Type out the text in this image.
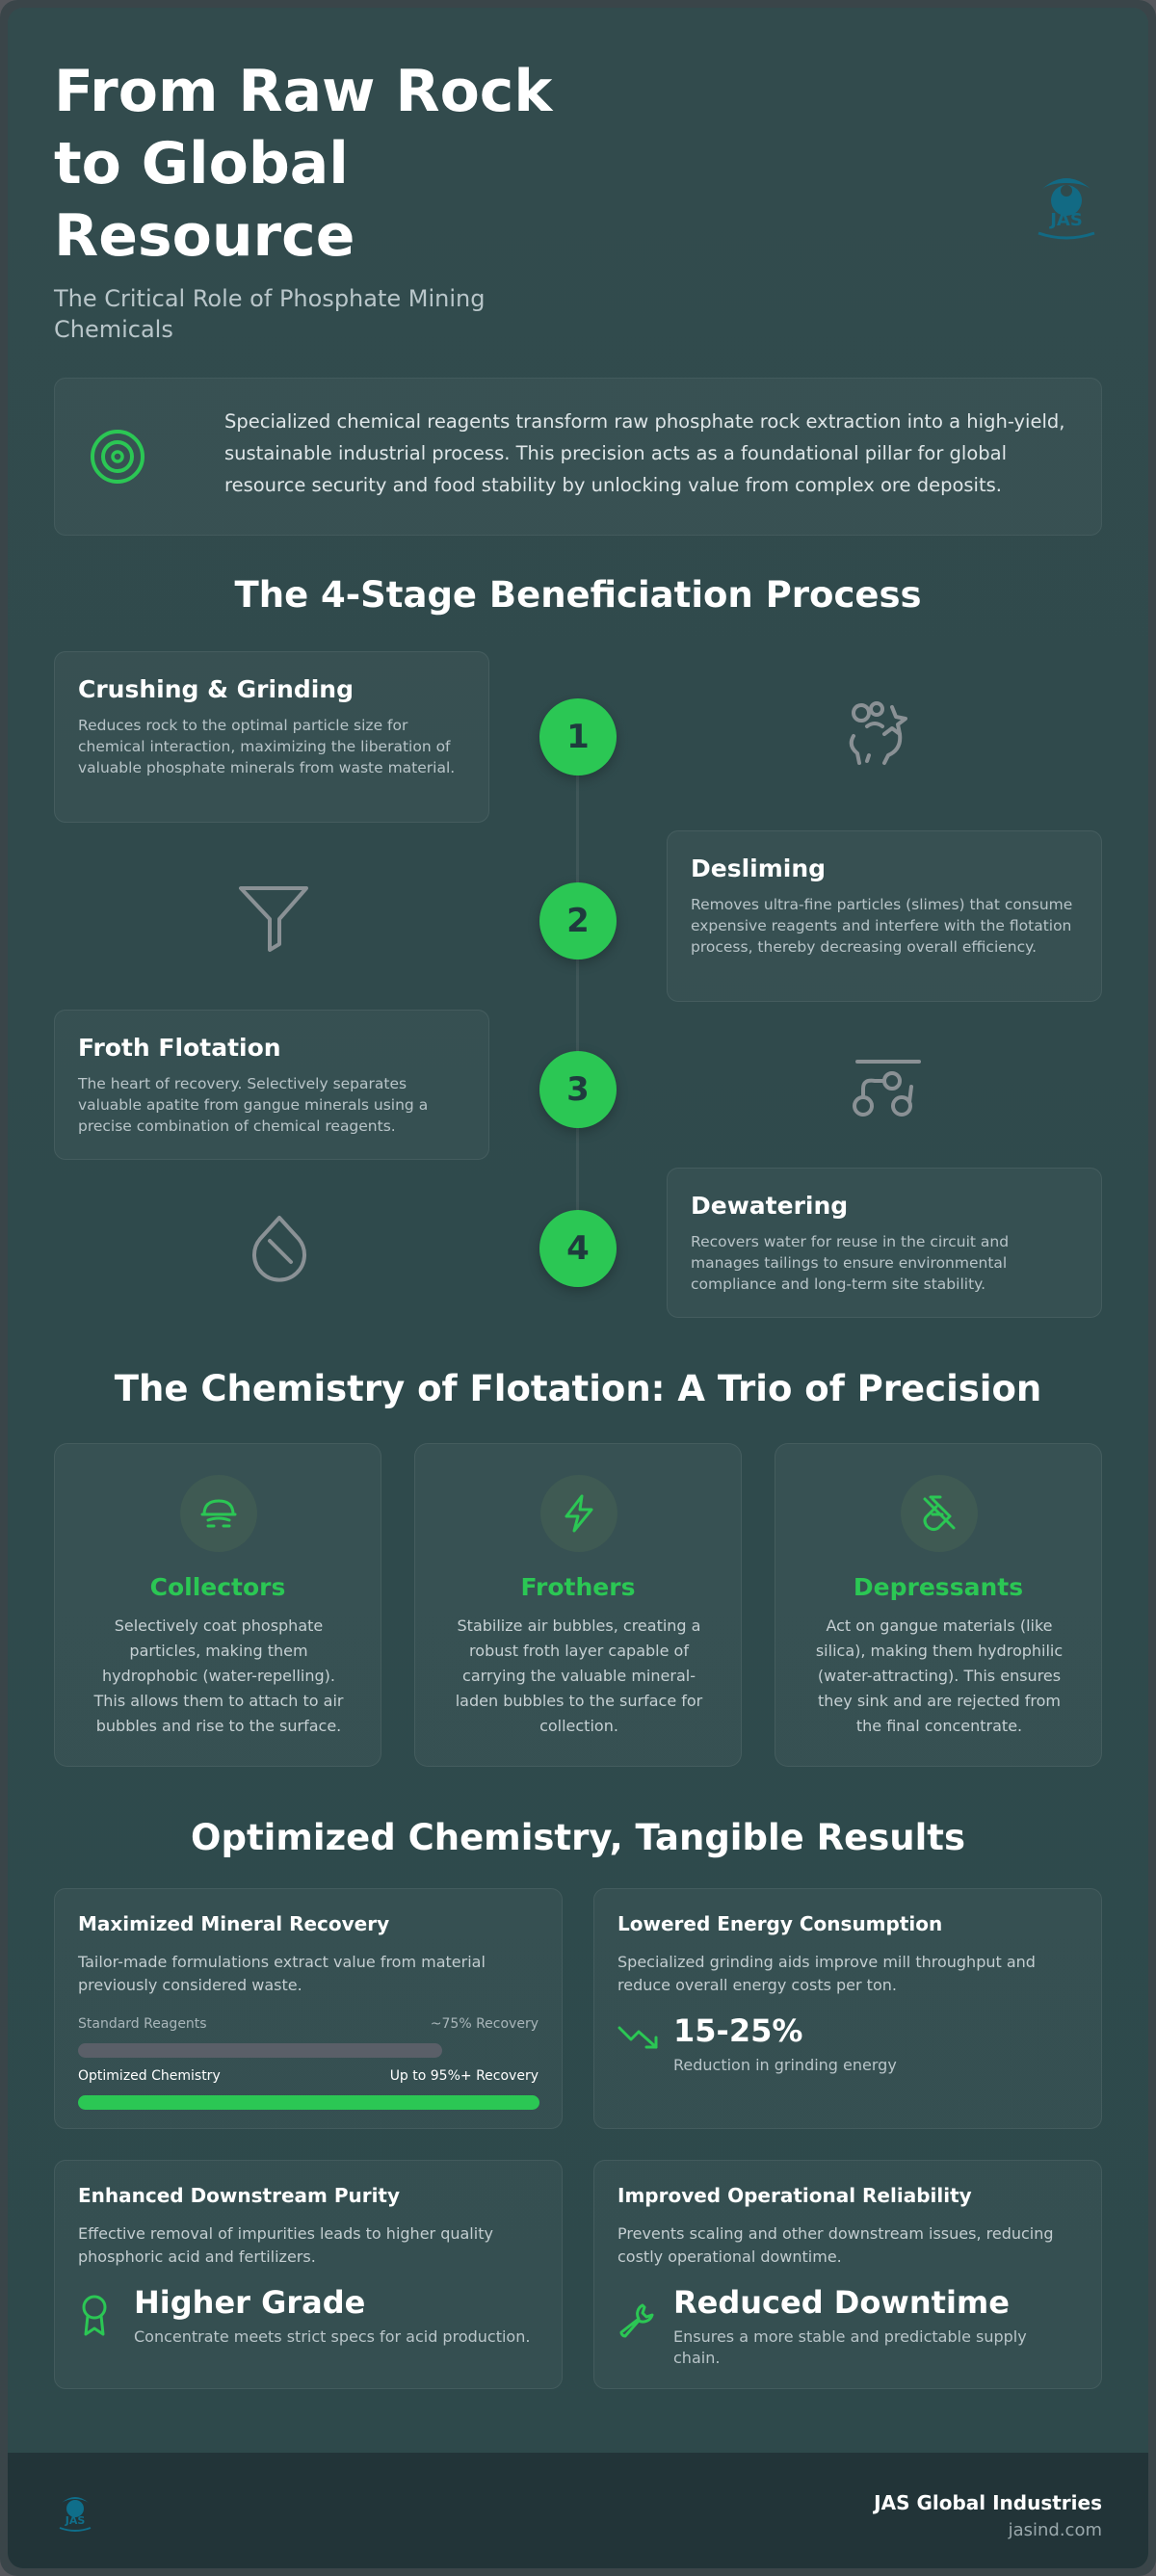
From Raw Rock to Global Resource
The Critical Role of Phosphate Mining Chemicals
JAS

Specialized chemical reagents transform raw phosphate rock extraction into a high-yield, sustainable industrial process. This precision acts as a foundational pillar for global resource security and food stability by unlocking value from complex ore deposits.

The 4-Stage Beneficiation Process
Crushing & Grinding

Reduces rock to the optimal particle size for chemical interaction, maximizing the liberation of valuable phosphate minerals from waste material.

1
2
Desliming

Removes ultra-fine particles (slimes) that consume expensive reagents and interfere with the flotation process, thereby decreasing overall efficiency.

Froth Flotation

The heart of recovery. Selectively separates valuable apatite from gangue minerals using a precise combination of chemical reagents.

3
4
Dewatering

Recovers water for reuse in the circuit and manages tailings to ensure environmental compliance and long-term site stability.

The Chemistry of Flotation: A Trio of Precision
Collectors

Selectively coat phosphate particles, making them hydrophobic (water-repelling). This allows them to attach to air bubbles and rise to the surface.

Frothers

Stabilize air bubbles, creating a robust froth layer capable of carrying the valuable mineral-laden bubbles to the surface for collection.

Depressants

Act on gangue materials (like silica), making them hydrophilic (water-attracting). This ensures they sink and are rejected from the final concentrate.

Optimized Chemistry, Tangible Results
Maximized Mineral Recovery

Tailor-made formulations extract value from material previously considered waste.

Standard Reagents	~75% Recovery
Optimized Chemistry	Up to 95%+ Recovery
Lowered Energy Consumption

Specialized grinding aids improve mill throughput and reduce overall energy costs per ton.

15-25%
Reduction in grinding energy
Enhanced Downstream Purity

Effective removal of impurities leads to higher quality phosphoric acid and fertilizers.

Higher Grade
Concentrate meets strict specs for acid production.
Improved Operational Reliability

Prevents scaling and other downstream issues, reducing costly operational downtime.

Reduced Downtime
Ensures a more stable and predictable supply chain.
JAS
JAS Global Industries
jasind.com
